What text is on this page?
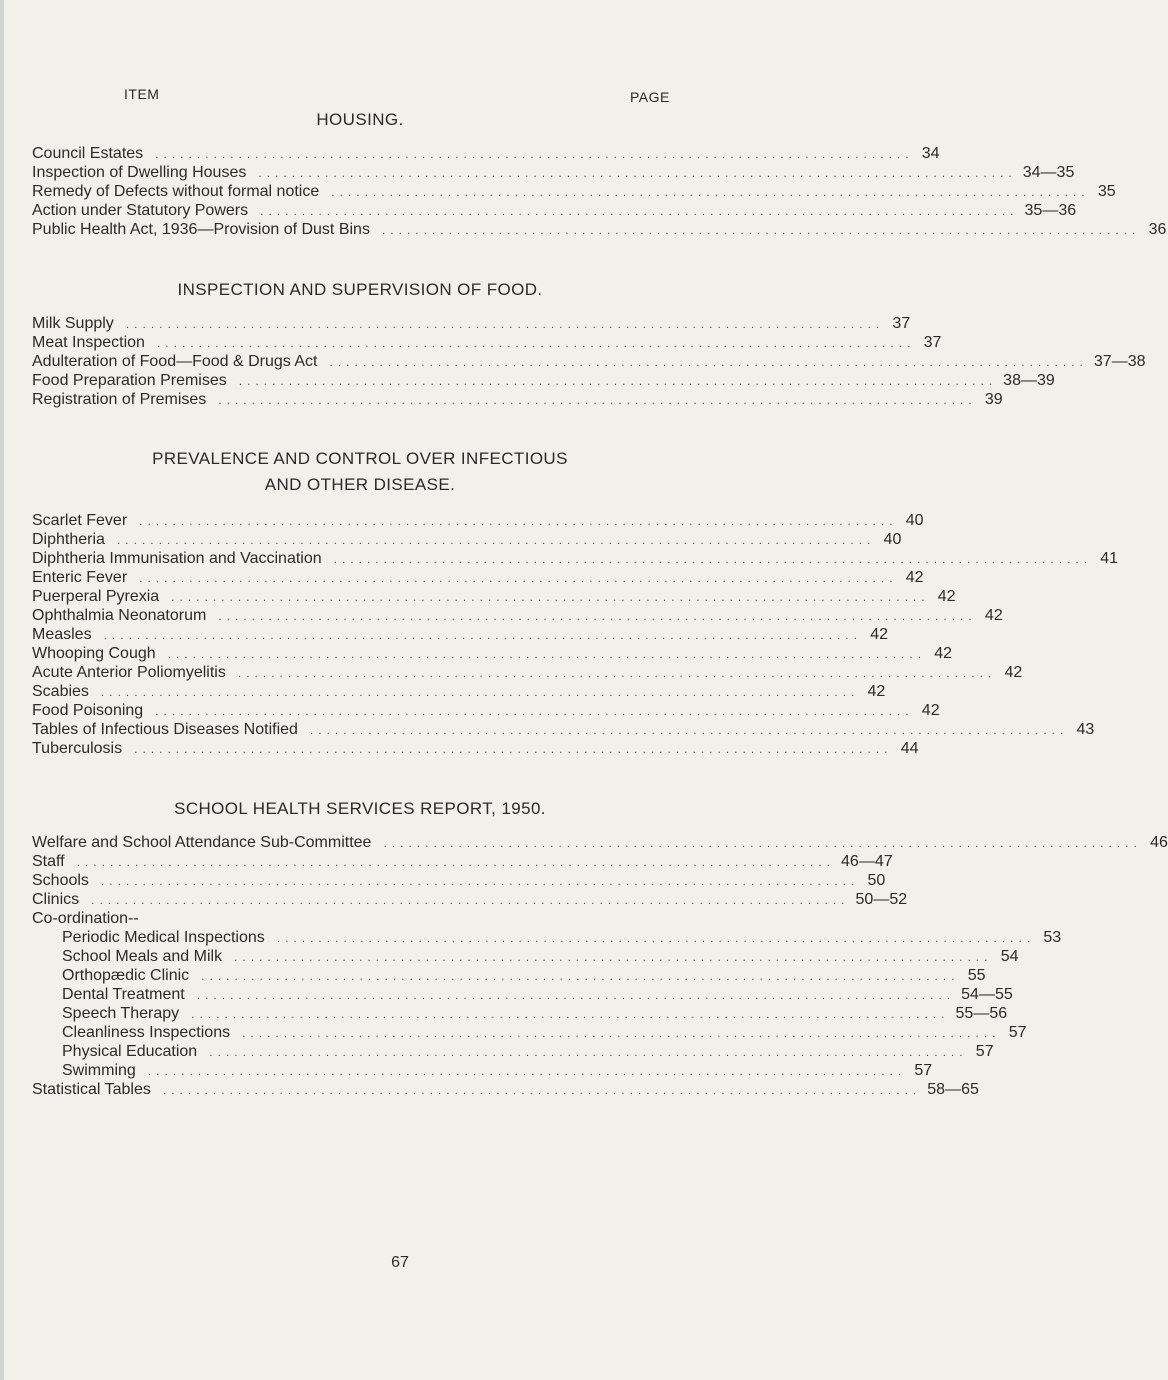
ITEM	PAGE
HOUSING.
Council Estates	........................................................................................... 34
Inspection of Dwelling Houses	........................................................................................... 34—35
Remedy of Defects without formal notice	........................................................................................... 35
Action under Statutory Powers	........................................................................................... 35—36
Public Health Act, 1936—Provision of Dust Bins	........................................................................................... 36
INSPECTION AND SUPERVISION OF FOOD.
Milk Supply	........................................................................................... 37
Meat Inspection	........................................................................................... 37
Adulteration of Food—Food & Drugs Act	........................................................................................... 37—38
Food Preparation Premises	........................................................................................... 38—39
Registration of Premises	........................................................................................... 39
PREVALENCE AND CONTROL OVER INFECTIOUS
AND OTHER DISEASE.
Scarlet Fever	........................................................................................... 40
Diphtheria	........................................................................................... 40
Diphtheria Immunisation and Vaccination	........................................................................................... 41
Enteric Fever	........................................................................................... 42
Puerperal Pyrexia	........................................................................................... 42
Ophthalmia Neonatorum	........................................................................................... 42
Measles	........................................................................................... 42
Whooping Cough	........................................................................................... 42
Acute Anterior Poliomyelitis	........................................................................................... 42
Scabies	........................................................................................... 42
Food Poisoning	........................................................................................... 42
Tables of Infectious Diseases Notified	........................................................................................... 43
Tuberculosis	........................................................................................... 44
SCHOOL HEALTH SERVICES REPORT, 1950.
Welfare and School Attendance Sub-Committee	........................................................................................... 46
Staff	........................................................................................... 46—47
Schools	........................................................................................... 50
Clinics	........................................................................................... 50—52
Co-ordination--
Periodic Medical Inspections	........................................................................................... 53
School Meals and Milk	........................................................................................... 54
Orthopædic Clinic	........................................................................................... 55
Dental Treatment	........................................................................................... 54—55
Speech Therapy	........................................................................................... 55—56
Cleanliness Inspections	........................................................................................... 57
Physical Education	........................................................................................... 57
Swimming	........................................................................................... 57
Statistical Tables	........................................................................................... 58—65
67
